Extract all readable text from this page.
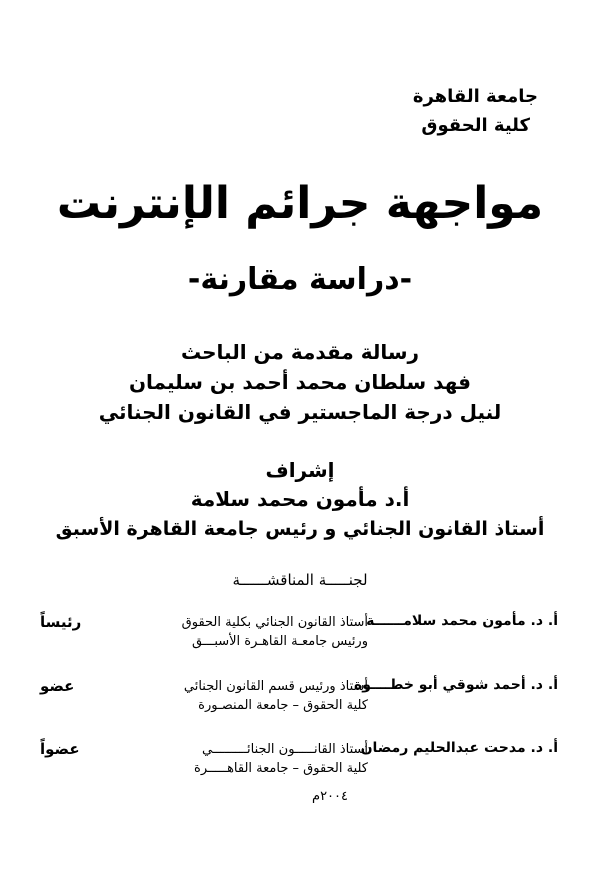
جامعة القاهرة
كلية الحقوق
مواجهة جرائم الإنترنت
-دراسة مقارنة-
رسالة مقدمة من الباحث
فهد سلطان محمد أحمد بن سليمان
لنيل درجة الماجستير في القانون الجنائي
إشراف
أ.د مأمون محمد سلامة
أستاذ القانون الجنائي و رئيس جامعة القاهرة الأسبق
لجنـــــة المناقشــــــة
أ. د. مأمون محمد سلامــــــة
أستاذ القانون الجنائي بكلية الحقوق
ورئيس جامعـة القاهـرة الأسبـــق
رئيساً
أ. د. أحمد شوقي أبو خطــــوة
أستاذ ورئيس قسم القانون الجنائي
كلية الحقوق – جامعة المنصـورة
عضو
أ. د. مدحت عبدالحليم رمضان
أستاذ القانـــــون الجنائـــــــــي
كلية الحقوق – جامعة القاهـــــرة
عضواً
٢٠٠٤م
